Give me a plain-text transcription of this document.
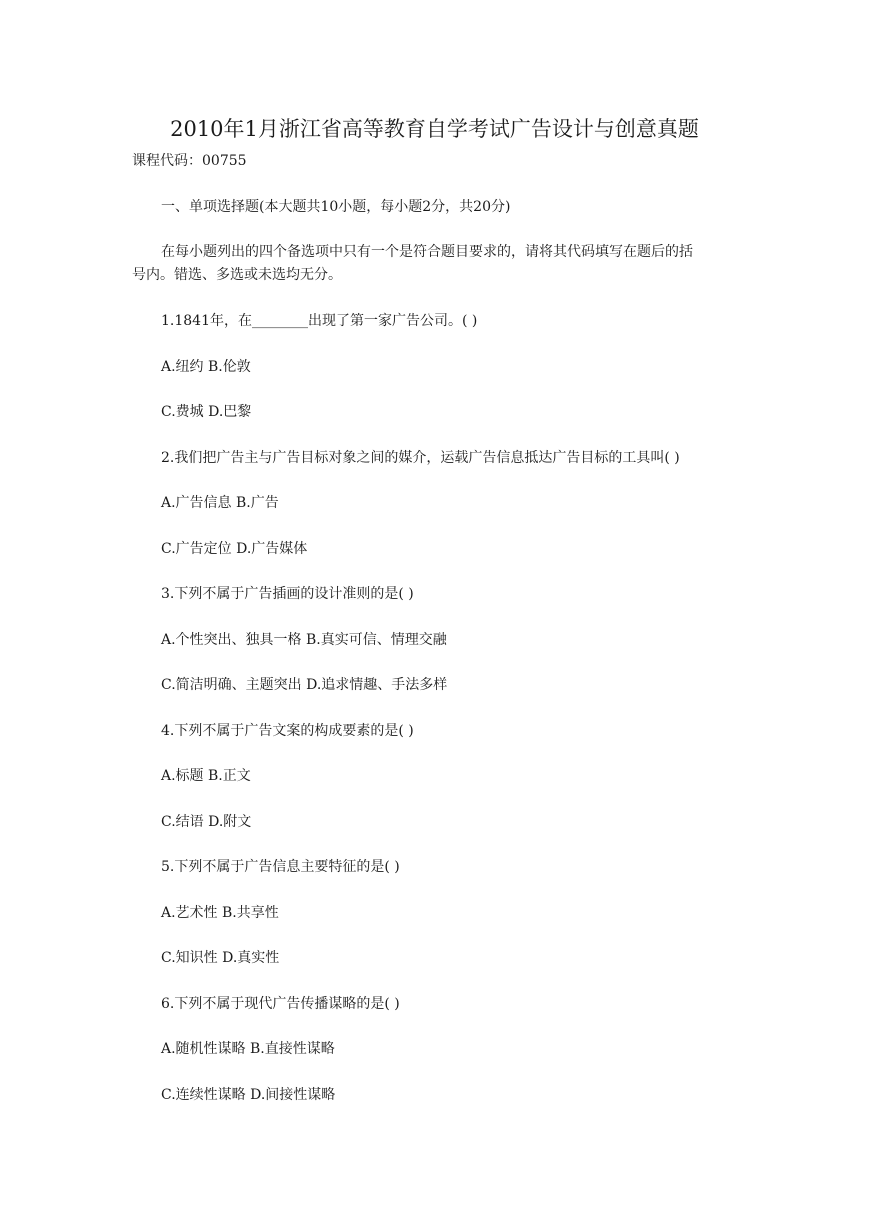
2010年1月浙江省高等教育自学考试广告设计与创意真题
课程代码：00755
一、单项选择题(本大题共10小题，每小题2分，共20分)
在每小题列出的四个备选项中只有一个是符合题目要求的，请将其代码填写在题后的括
号内。错选、多选或未选均无分。
1.1841年，在________出现了第一家广告公司。( )
A.纽约 B.伦敦
C.费城 D.巴黎
2.我们把广告主与广告目标对象之间的媒介，运载广告信息抵达广告目标的工具叫( )
A.广告信息 B.广告
C.广告定位 D.广告媒体
3.下列不属于广告插画的设计准则的是( )
A.个性突出、独具一格 B.真实可信、情理交融
C.简洁明确、主题突出 D.追求情趣、手法多样
4.下列不属于广告文案的构成要素的是( )
A.标题 B.正文
C.结语 D.附文
5.下列不属于广告信息主要特征的是( )
A.艺术性 B.共享性
C.知识性 D.真实性
6.下列不属于现代广告传播谋略的是( )
A.随机性谋略 B.直接性谋略
C.连续性谋略 D.间接性谋略
